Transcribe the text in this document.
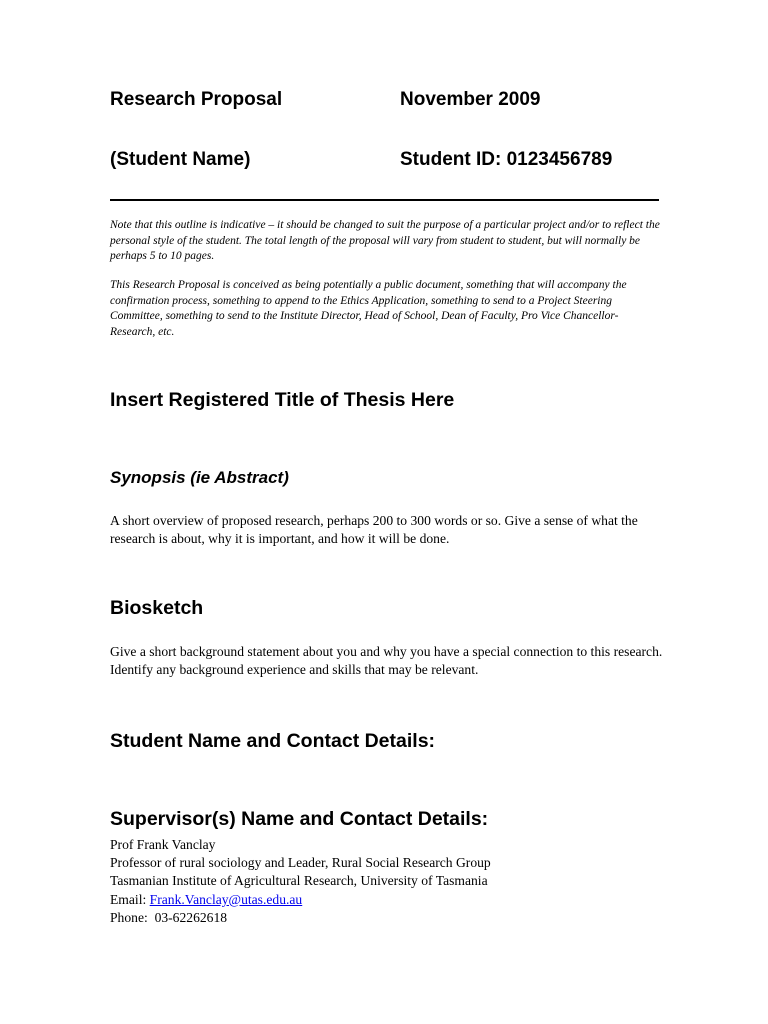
Research Proposal	November 2009
(Student Name)	Student ID: 0123456789
Note that this outline is indicative – it should be changed to suit the purpose of a particular project and/or to reflect the personal style of the student. The total length of the proposal will vary from student to student, but will normally be perhaps 5 to 10 pages.
This Research Proposal is conceived as being potentially a public document, something that will accompany the confirmation process, something to append to the Ethics Application, something to send to a Project Steering Committee, something to send to the Institute Director, Head of School, Dean of Faculty, Pro Vice Chancellor-Research, etc.
Insert Registered Title of Thesis Here
Synopsis (ie Abstract)
A short overview of proposed research, perhaps 200 to 300 words or so. Give a sense of what the research is about, why it is important, and how it will be done.
Biosketch
Give a short background statement about you and why you have a special connection to this research. Identify any background experience and skills that may be relevant.
Student Name and Contact Details:
Supervisor(s) Name and Contact Details:
Prof Frank Vanclay
Professor of rural sociology and Leader, Rural Social Research Group
Tasmanian Institute of Agricultural Research, University of Tasmania
Email: Frank.Vanclay@utas.edu.au
Phone: 03-62262618
